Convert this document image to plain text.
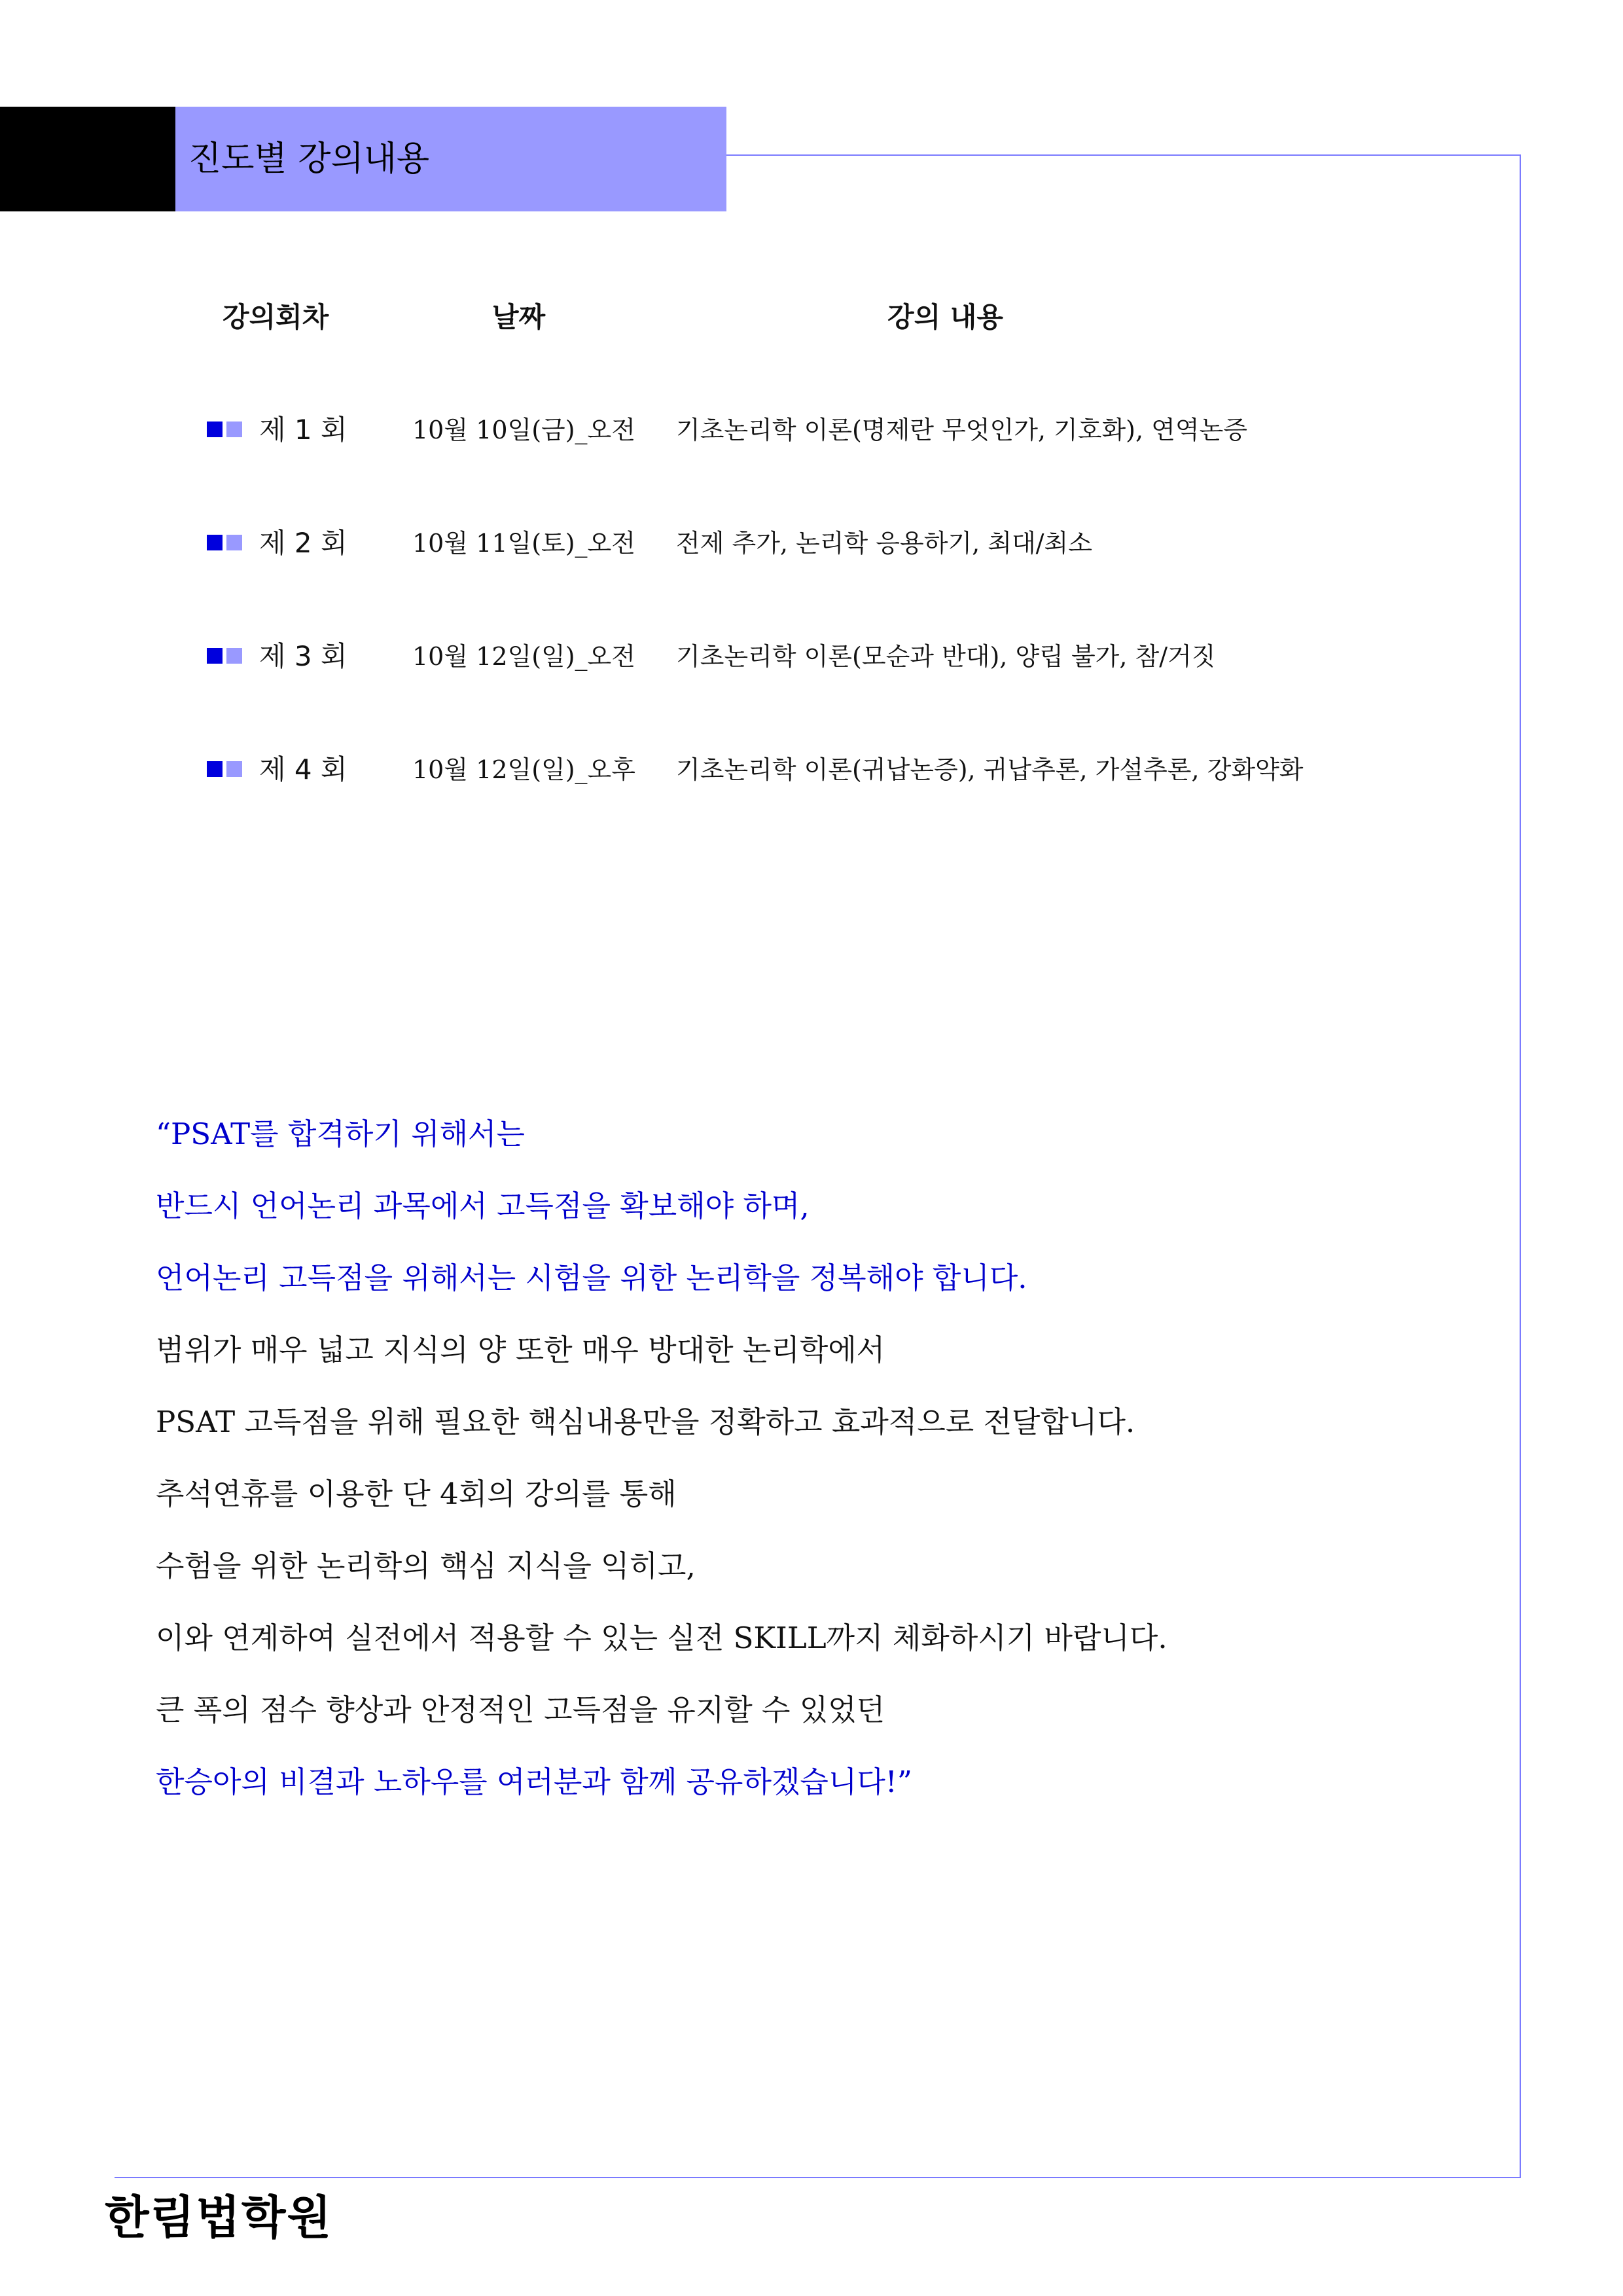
진도별 강의내용
강의회차	날짜	강의 내용
제 1 회	10월 10일(금)_오전 기초논리학 이론(명제란 무엇인가, 기호화), 연역논증
제 2 회	10월 11일(토)_오전 전제 추가, 논리학 응용하기, 최대/최소
제 3 회	10월 12일(일)_오전 기초논리학 이론(모순과 반대), 양립 불가, 참/거짓
제 4 회	10월 12일(일)_오후 기초논리학 이론(귀납논증), 귀납추론, 가설추론, 강화약화
“PSAT를 합격하기 위해서는
반드시 언어논리 과목에서 고득점을 확보해야 하며,
언어논리 고득점을 위해서는 시험을 위한 논리학을 정복해야 합니다.
범위가 매우 넓고 지식의 양 또한 매우 방대한 논리학에서
PSAT 고득점을 위해 필요한 핵심내용만을 정확하고 효과적으로 전달합니다.
추석연휴를 이용한 단 4회의 강의를 통해
수험을 위한 논리학의 핵심 지식을 익히고,
이와 연계하여 실전에서 적용할 수 있는 실전 SKILL까지 체화하시기 바랍니다.
큰 폭의 점수 향상과 안정적인 고득점을 유지할 수 있었던
한승아의 비결과 노하우를 여러분과 함께 공유하겠습니다!”
한림법학원
